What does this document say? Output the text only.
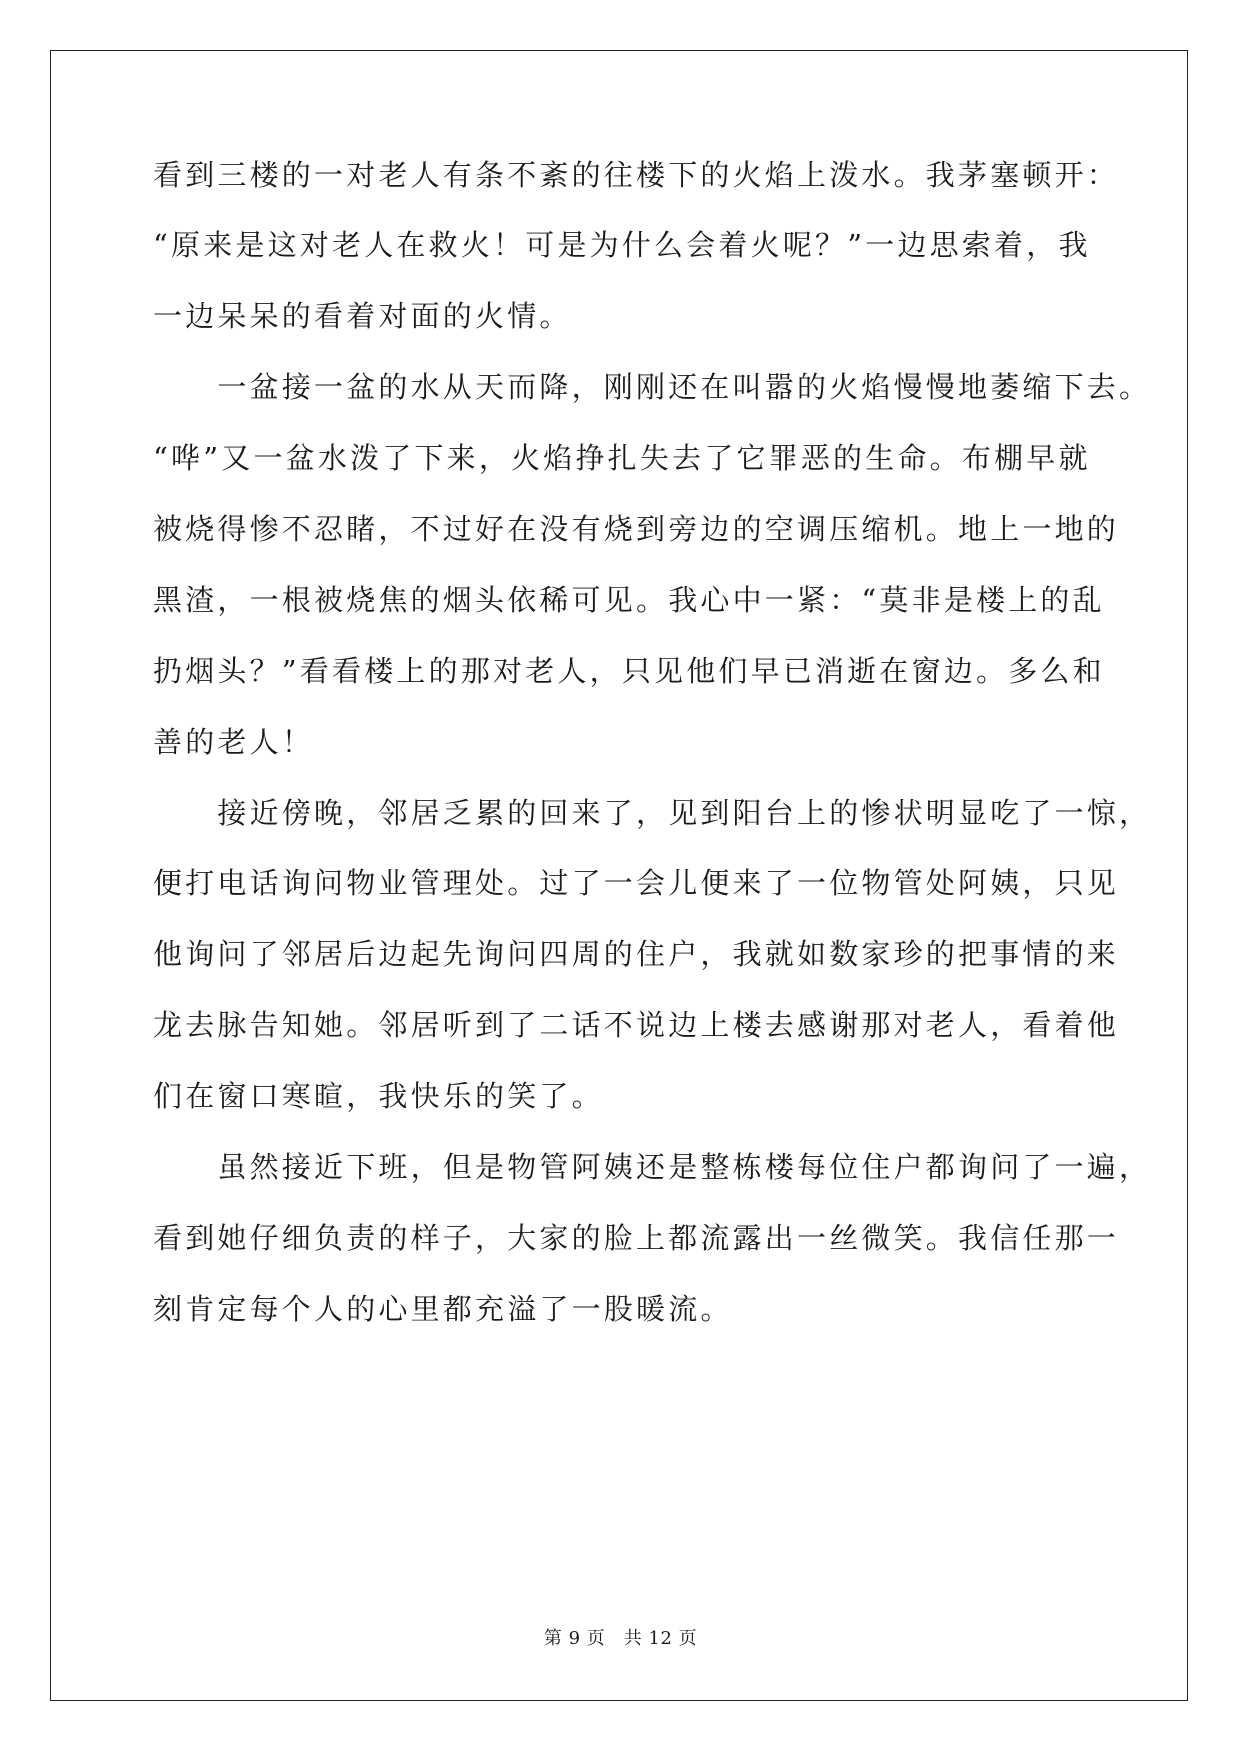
看到三楼的一对老人有条不紊的往楼下的火焰上泼水。我茅塞顿开：
“原来是这对老人在救火！可是为什么会着火呢？”一边思索着，我
一边呆呆的看着对面的火情。
　　一盆接一盆的水从天而降，刚刚还在叫嚣的火焰慢慢地萎缩下去。
“哗”又一盆水泼了下来，火焰挣扎失去了它罪恶的生命。布棚早就
被烧得惨不忍睹，不过好在没有烧到旁边的空调压缩机。地上一地的
黑渣，一根被烧焦的烟头依稀可见。我心中一紧：“莫非是楼上的乱
扔烟头？”看看楼上的那对老人，只见他们早已消逝在窗边。多么和
善的老人！
　　接近傍晚，邻居乏累的回来了，见到阳台上的惨状明显吃了一惊，
便打电话询问物业管理处。过了一会儿便来了一位物管处阿姨，只见
他询问了邻居后边起先询问四周的住户，我就如数家珍的把事情的来
龙去脉告知她。邻居听到了二话不说边上楼去感谢那对老人，看着他
们在窗口寒暄，我快乐的笑了。
　　虽然接近下班，但是物管阿姨还是整栋楼每位住户都询问了一遍，
看到她仔细负责的样子，大家的脸上都流露出一丝微笑。我信任那一
刻肯定每个人的心里都充溢了一股暖流。
第 9 页　共 12 页
